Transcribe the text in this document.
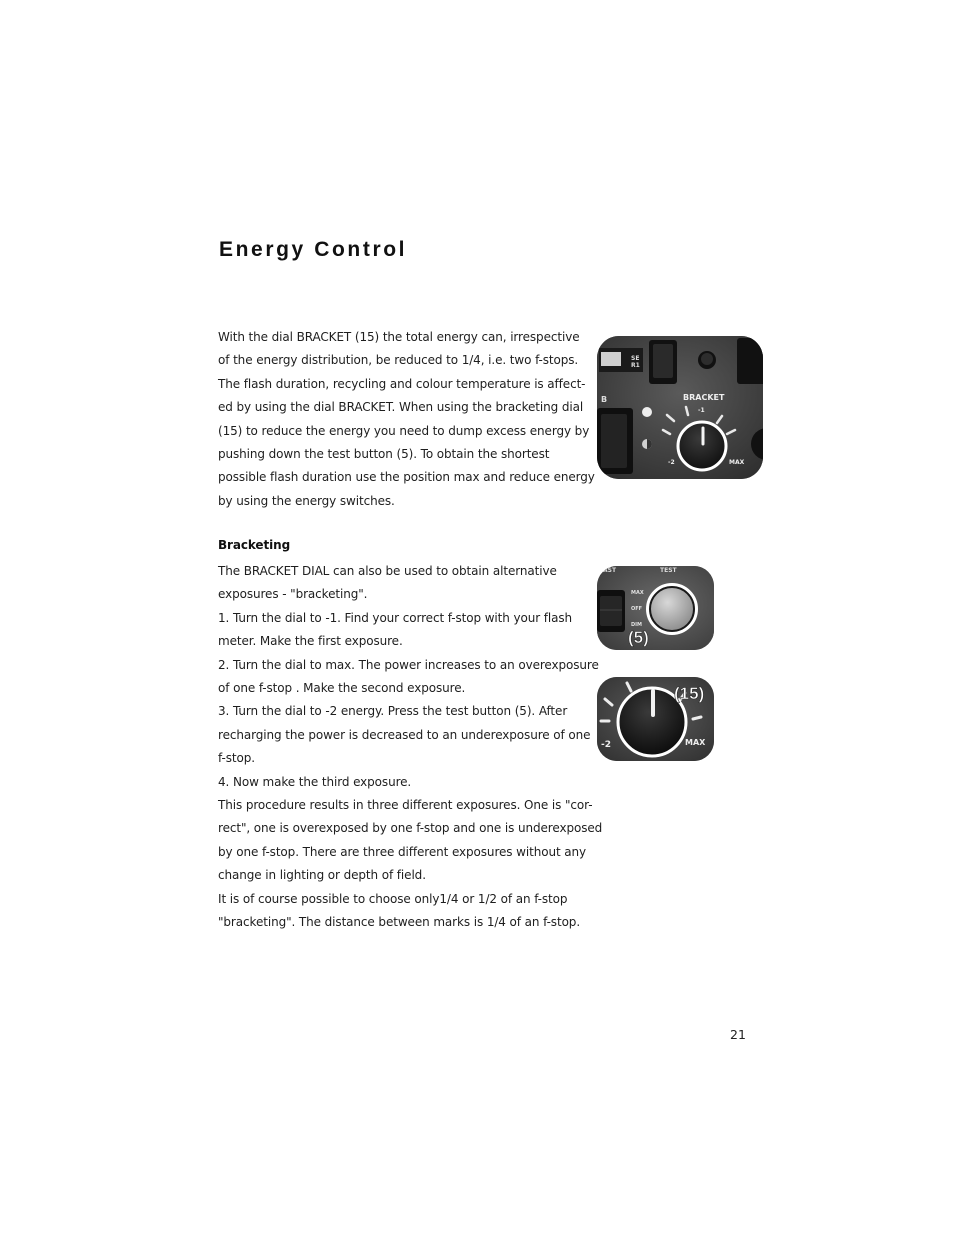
Energy Control
With the dial BRACKET (15) the total energy can, irrespective
of the energy distribution, be reduced to 1/4, i.e. two f-stops.
The flash duration, recycling and colour temperature is affect-
ed by using the dial BRACKET. When using the bracketing dial
(15) to reduce the energy you need to dump excess energy by
pushing down the test button (5). To obtain the shortest
possible flash duration use the position max and reduce energy
by using the energy switches.
Bracketing
The BRACKET DIAL can also be used to obtain alternative
exposures - "bracketing".
1. Turn the dial to -1. Find your correct f-stop with your flash
meter. Make the first exposure.
2. Turn the dial to max. The power increases to an overexposure
of one f-stop . Make the second exposure.
3. Turn the dial to -2 energy. Press the test button (5). After
recharging the power is decreased to an underexposure of one
f-stop.
4. Now make the third exposure.
This procedure results in three different exposures. One is "cor-
rect", one is overexposed by one f-stop and one is underexposed
by one f-stop. There are three different exposures without any
change in lighting or depth of field.
It is of course possible to choose only1/4 or 1/2 of an f-stop
"bracketing". The distance between marks is 1/4 of an f-stop.
SE
R1
B	BRACKET
-1
-2	MAX
AST	TEST
MAX
OFF
DIM
(5)
-2	MAX
(15)
21
